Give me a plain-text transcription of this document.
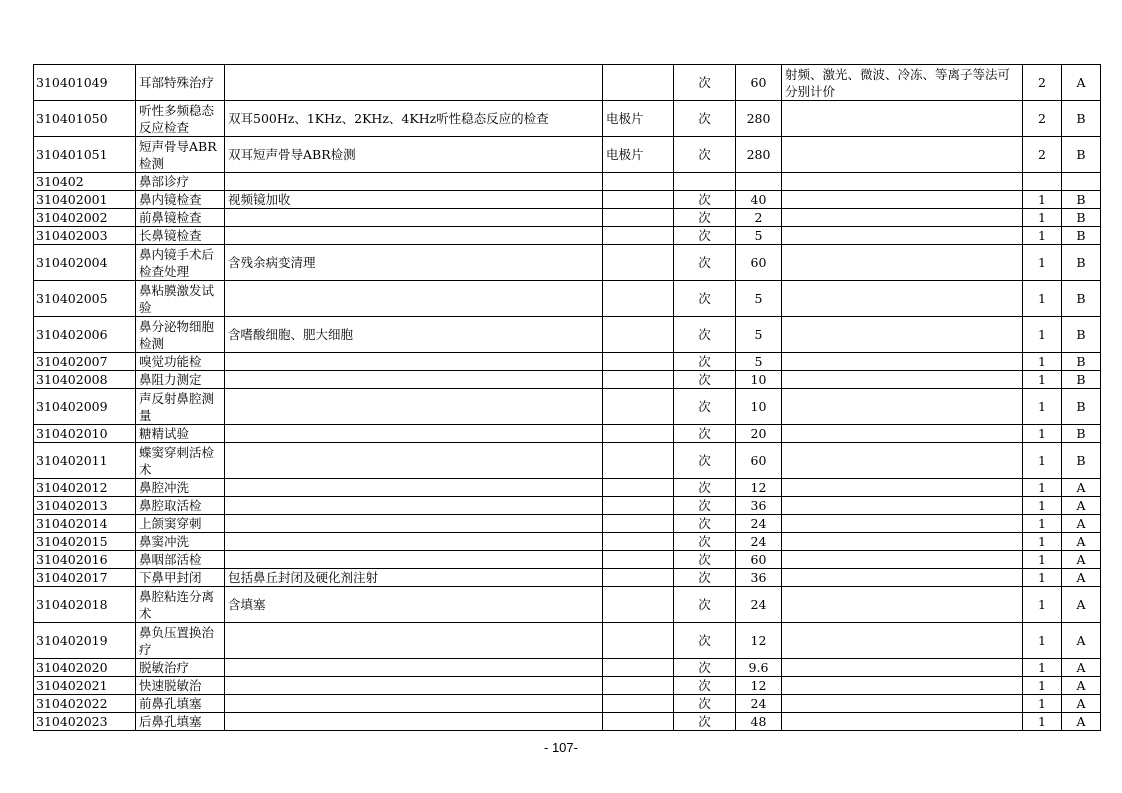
310401049	耳部特殊治疗			次	60	射频、激光、微波、冷冻、等离子等法可分别计价	2	A
310401050	听性多频稳态反应检查	双耳500Hz、1KHz、2KHz、4KHz听性稳态反应的检查	电极片	次	280		2	B
310401051	短声骨导ABR检测	双耳短声骨导ABR检测	电极片	次	280		2	B
310402	鼻部诊疗							
310402001	鼻内镜检查	视频镜加收		次	40		1	B
310402002	前鼻镜检查			次	2		1	B
310402003	长鼻镜检查			次	5		1	B
310402004	鼻内镜手术后检查处理	含残余病变清理		次	60		1	B
310402005	鼻粘膜激发试验			次	5		1	B
310402006	鼻分泌物细胞检测	含嗜酸细胞、肥大细胞		次	5		1	B
310402007	嗅觉功能检			次	5		1	B
310402008	鼻阻力测定			次	10		1	B
310402009	声反射鼻腔测量			次	10		1	B
310402010	糖精试验			次	20		1	B
310402011	蝶窦穿刺活检术			次	60		1	B
310402012	鼻腔冲洗			次	12		1	A
310402013	鼻腔取活检			次	36		1	A
310402014	上颌窦穿刺			次	24		1	A
310402015	鼻窦冲洗			次	24		1	A
310402016	鼻咽部活检			次	60		1	A
310402017	下鼻甲封闭	包括鼻丘封闭及硬化剂注射		次	36		1	A
310402018	鼻腔粘连分离术	含填塞		次	24		1	A
310402019	鼻负压置换治疗			次	12		1	A
310402020	脱敏治疗			次	9.6		1	A
310402021	快速脱敏治			次	12		1	A
310402022	前鼻孔填塞			次	24		1	A
310402023	后鼻孔填塞			次	48		1	A
- 107-
